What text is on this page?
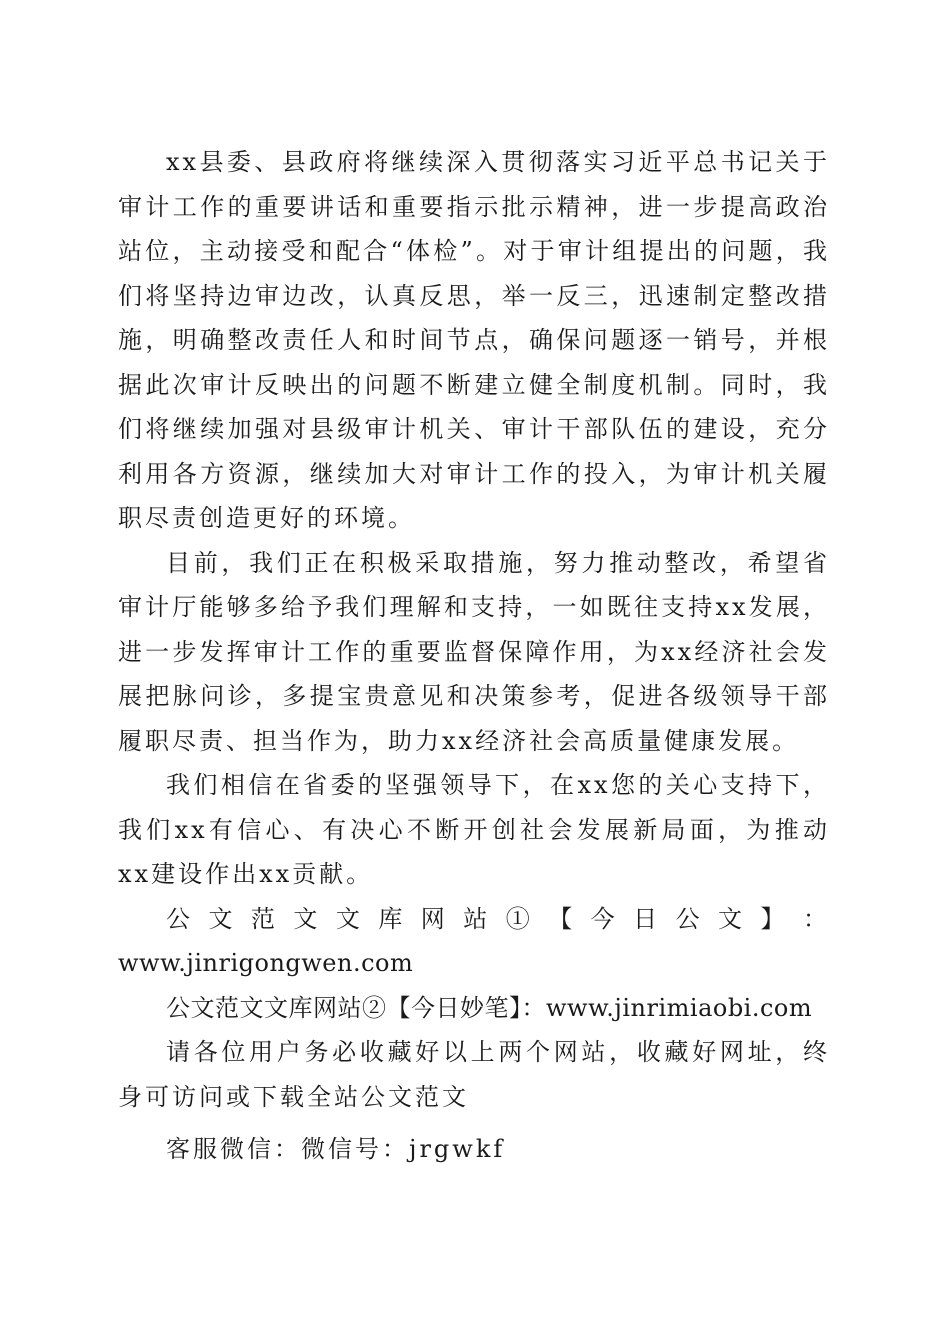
xx县委、县政府将继续深入贯彻落实习近平总书记关于审计工作的重要讲话和重要指示批示精神，进一步提高政治站位，主动接受和配合“体检”。对于审计组提出的问题，我们将坚持边审边改，认真反思，举一反三，迅速制定整改措施，明确整改责任人和时间节点，确保问题逐一销号，并根据此次审计反映出的问题不断建立健全制度机制。同时，我们将继续加强对县级审计机关、审计干部队伍的建设，充分利用各方资源，继续加大对审计工作的投入，为审计机关履职尽责创造更好的环境。

目前，我们正在积极采取措施，努力推动整改，希望省审计厅能够多给予我们理解和支持，一如既往支持xx发展，进一步发挥审计工作的重要监督保障作用，为xx经济社会发展把脉问诊，多提宝贵意见和决策参考，促进各级领导干部履职尽责、担当作为，助力xx经济社会高质量健康发展。

我们相信在省委的坚强领导下，在xx您的关心支持下，我们xx有信心、有决心不断开创社会发展新局面，为推动xx建设作出xx贡献。

公 文 范 文 文 库 网 站 ① 【 今 日 公 文 】 ：

www.jinrigongwen.com

公文范文文库网站②【今日妙笔】：www.jinrimiaobi.com

请各位用户务必收藏好以上两个网站，收藏好网址，终身可访问或下载全站公文范文

客服微信：微信号：jrgwkf
